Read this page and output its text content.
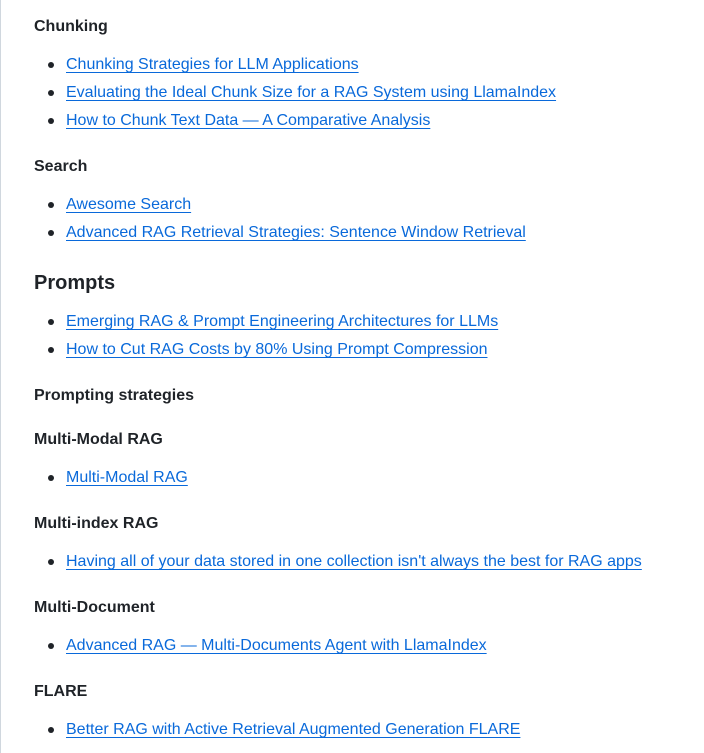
Chunking
Chunking Strategies for LLM Applications
Evaluating the Ideal Chunk Size for a RAG System using LlamaIndex
How to Chunk Text Data — A Comparative Analysis
Search
Awesome Search
Advanced RAG Retrieval Strategies: Sentence Window Retrieval
Prompts
Emerging RAG & Prompt Engineering Architectures for LLMs
How to Cut RAG Costs by 80% Using Prompt Compression
Prompting strategies
Multi-Modal RAG
Multi-Modal RAG
Multi-index RAG
Having all of your data stored in one collection isn't always the best for RAG apps
Multi-Document
Advanced RAG — Multi-Documents Agent with LlamaIndex
FLARE
Better RAG with Active Retrieval Augmented Generation FLARE
